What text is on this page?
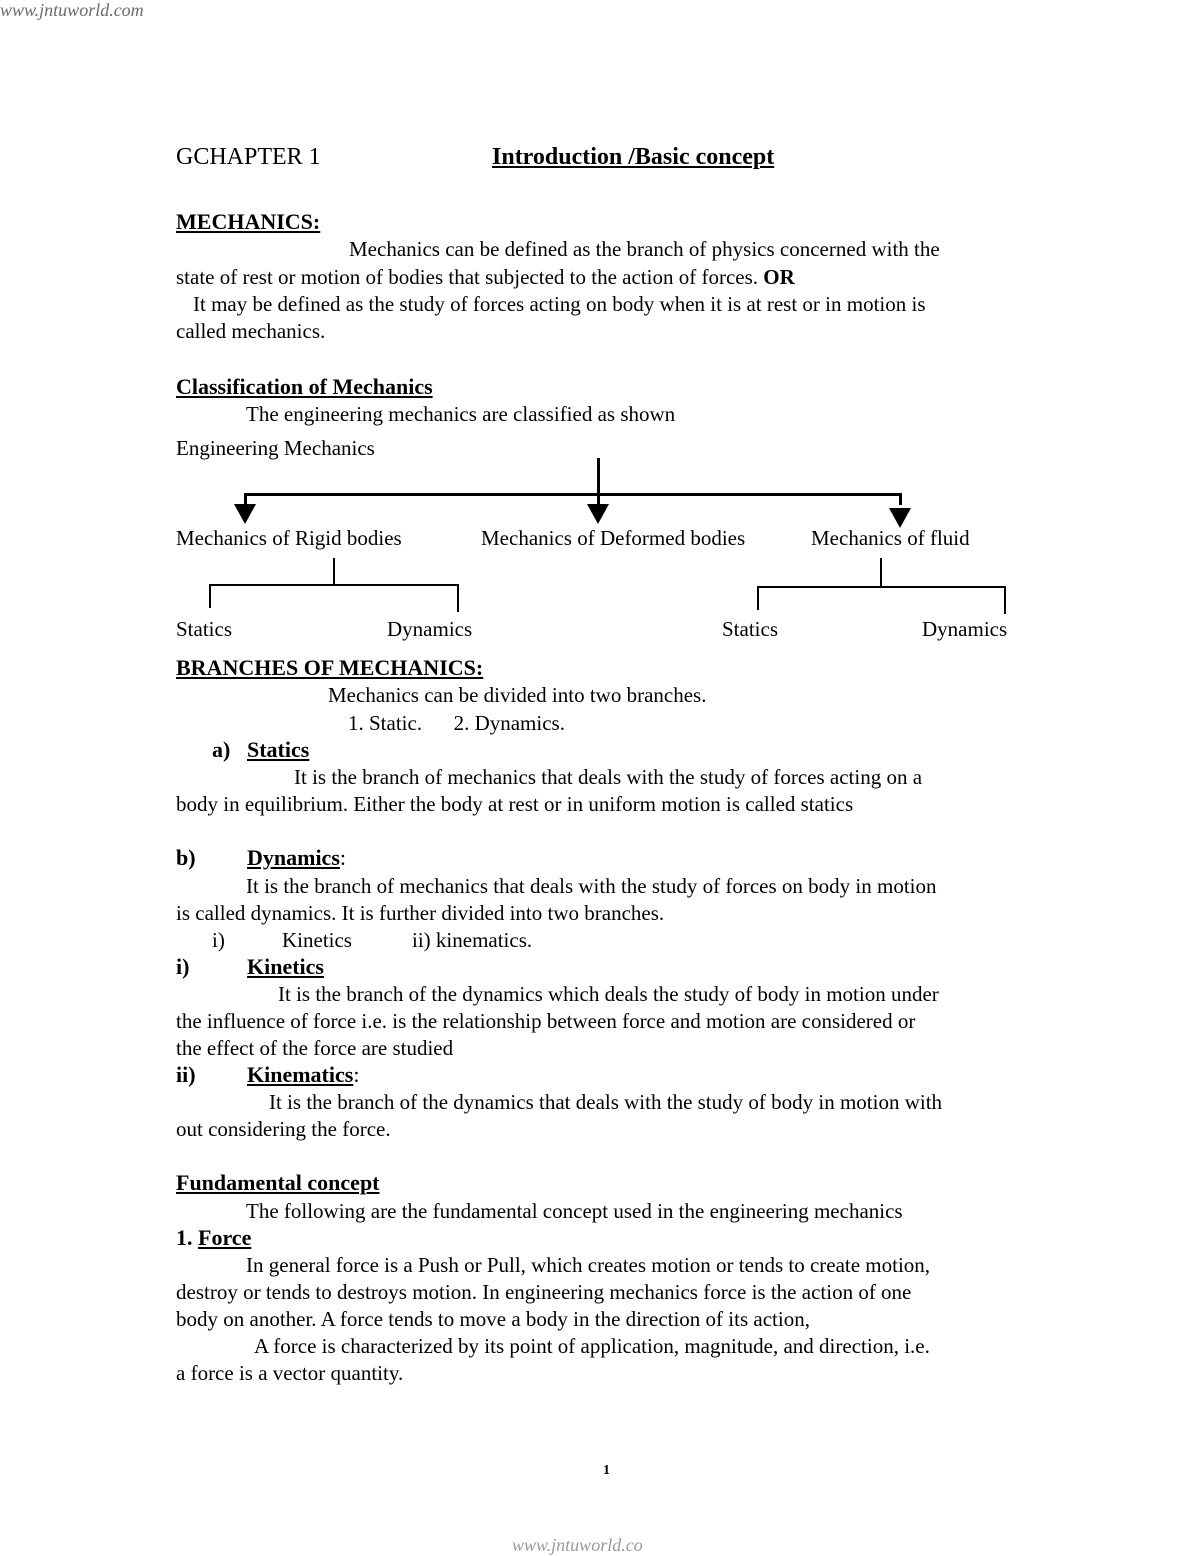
www.jntuworld.com
GCHAPTER 1	Introduction /Basic concept
MECHANICS:
Mechanics can be defined as the branch of physics concerned with the
state of rest or motion of bodies that subjected to the action of forces. OR
It may be defined as the study of forces acting on body when it is at rest or in motion is
called mechanics.
Classification of Mechanics
The engineering mechanics are classified as shown
Engineering Mechanics
Mechanics of Rigid bodies	Mechanics of Deformed bodies	Mechanics of fluid
Statics	Dynamics	Statics	Dynamics
BRANCHES OF MECHANICS:
Mechanics can be divided into two branches.
1. Static.      2. Dynamics.
a) Statics
It is the branch of mechanics that deals with the study of forces acting on a
body in equilibrium. Either the body at rest or in uniform motion is called statics
b) Dynamics:
It is the branch of mechanics that deals with the study of forces on body in motion
is called dynamics. It is further divided into two branches.
i)	Kinetics	ii) kinematics.
i)	Kinetics
It is the branch of the dynamics which deals the study of body in motion under
the influence of force i.e. is the relationship between force and motion are considered or
the effect of the force are studied
ii) Kinematics:
It is the branch of the dynamics that deals with the study of body in motion with
out considering the force.
Fundamental concept
The following are the fundamental concept used in the engineering mechanics
1. Force
In general force is a Push or Pull, which creates motion or tends to create motion,
destroy or tends to destroys motion. In engineering mechanics force is the action of one
body on another. A force tends to move a body in the direction of its action,
A force is characterized by its point of application, magnitude, and direction, i.e.
a force is a vector quantity.
1
www.jntuworld.co
